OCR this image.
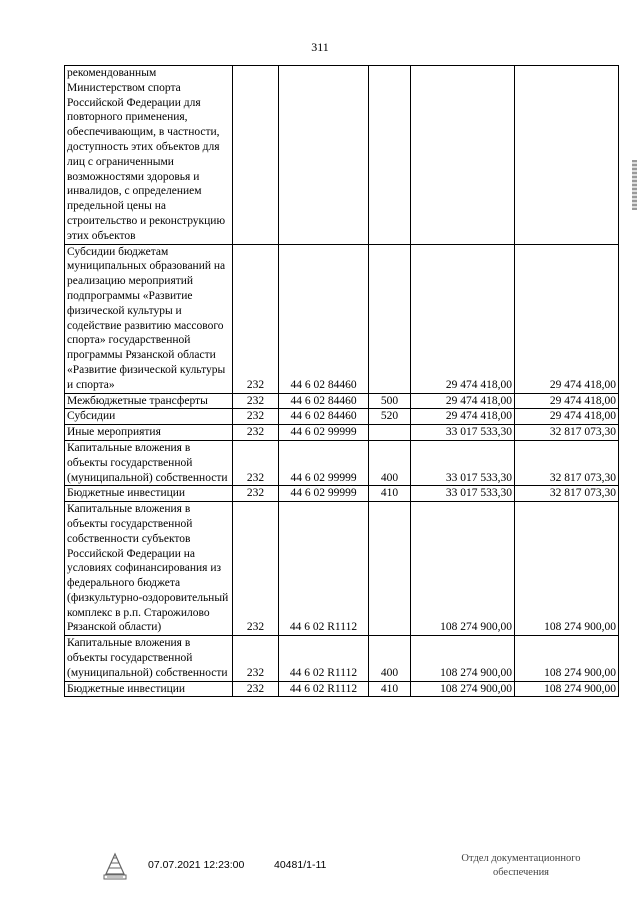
311
рекомендованным Министерством спорта Российской Федерации для повторного применения, обеспечивающим, в частности, доступность этих объектов для лиц с ограниченными возможностями здоровья и инвалидов, с определением предельной цены на строительство и реконструкцию этих объектов					
Субсидии бюджетам муниципальных образований на реализацию мероприятий подпрограммы «Развитие физической культуры и содействие развитию массового спорта» государственной программы Рязанской области «Развитие физической культуры и спорта»	232	44 6 02 84460		29 474 418,00	29 474 418,00
Межбюджетные трансферты	232	44 6 02 84460	500	29 474 418,00	29 474 418,00
Субсидии	232	44 6 02 84460	520	29 474 418,00	29 474 418,00
Иные мероприятия	232	44 6 02 99999		33 017 533,30	32 817 073,30
Капитальные вложения в объекты государственной (муниципальной) собственности	232	44 6 02 99999	400	33 017 533,30	32 817 073,30
Бюджетные инвестиции	232	44 6 02 99999	410	33 017 533,30	32 817 073,30
Капитальные вложения в объекты государственной собственности субъектов Российской Федерации на условиях софинансирования из федерального бюджета (физкультурно-оздоровительный комплекс в р.п. Старожилово Рязанской области)	232	44 6 02 R1112		108 274 900,00	108 274 900,00
Капитальные вложения в объекты государственной (муниципальной) собственности	232	44 6 02 R1112	400	108 274 900,00	108 274 900,00
Бюджетные инвестиции	232	44 6 02 R1112	410	108 274 900,00	108 274 900,00
07.07.2021 12:23:00	40481/1-11
Отдел документационного
обеспечения
